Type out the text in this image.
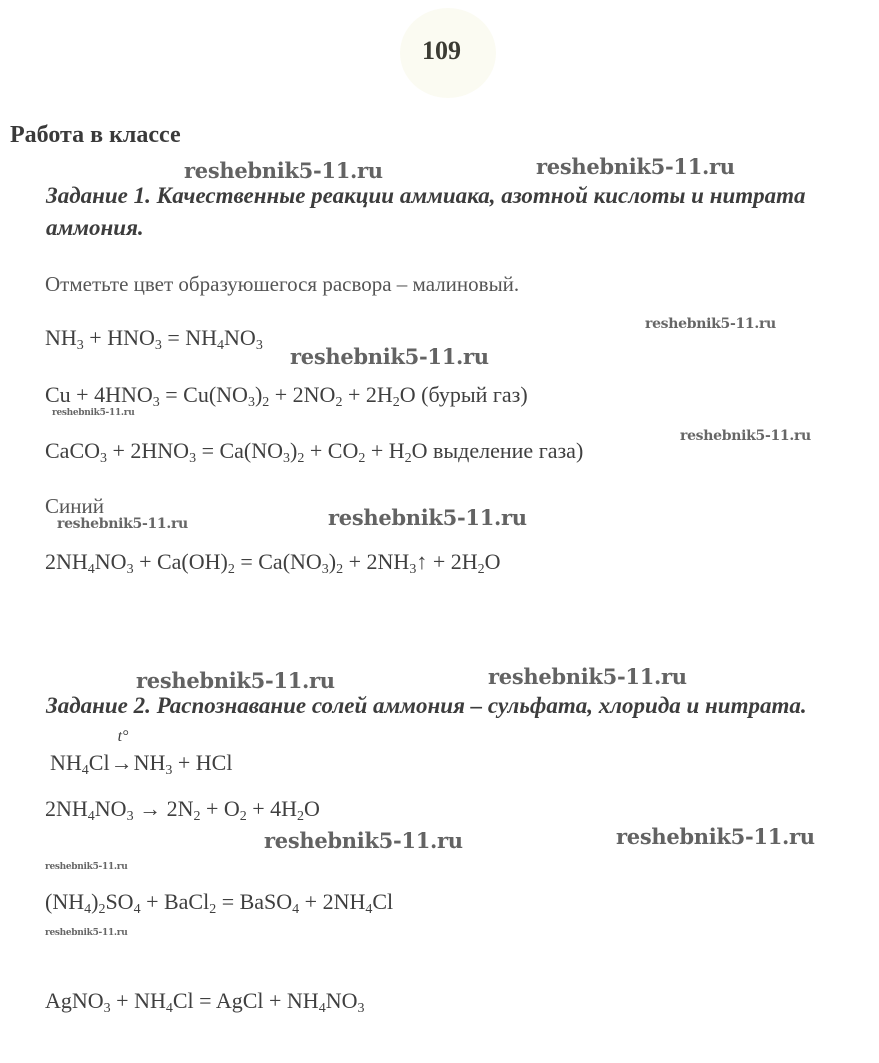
109
Работа в классе
Задание 1. Качественные реакции аммиака, азотной кислоты и нитрата аммония.
Отметьте цвет образуюшегося расвора – малиновый.
$NH_3 + HNO_3 = NH_4NO_3$
$Cu + 4HNO_3 = Cu(NO_3)_2 + 2NO_2 + 2H_2O$ (бурый газ)
CaCO$_3$ + $2HNO_3 = Ca(NO_3)_2 + CO_2 + H_2O$ выделение газа)
Синий
$2NH_4NO_3 + Ca(OH)_2 = Ca(NO_3)_2$ + $2NH_3↑ + 2H_2O$
Задание 2. Распознавание солей аммония – сульфата, хлорида и нитрата.
$NH_4Cl$
t°
$\to NH_3$ + HCl
$2NH_4NO_3 \to 2N_2 + O_2 + 4H_2O$
$(NH_4)_2SO_4$ + BaCl$_2$ = BaSO$_4$ + $2NH_4Cl$
AgNO$_3$ + $NH_4Cl$ = AgCl + $NH_4NO_3$
reshebnik5-11.ru	reshebnik5-11.ru
reshebnik5-11.ru
reshebnik5-11.ru
reshebnik5-11.ru
reshebnik5-11.ru
reshebnik5-11.ru	reshebnik5-11.ru
reshebnik5-11.ru	reshebnik5-11.ru
reshebnik5-11.ru	reshebnik5-11.ru
reshebnik5-11.ru
reshebnik5-11.ru
